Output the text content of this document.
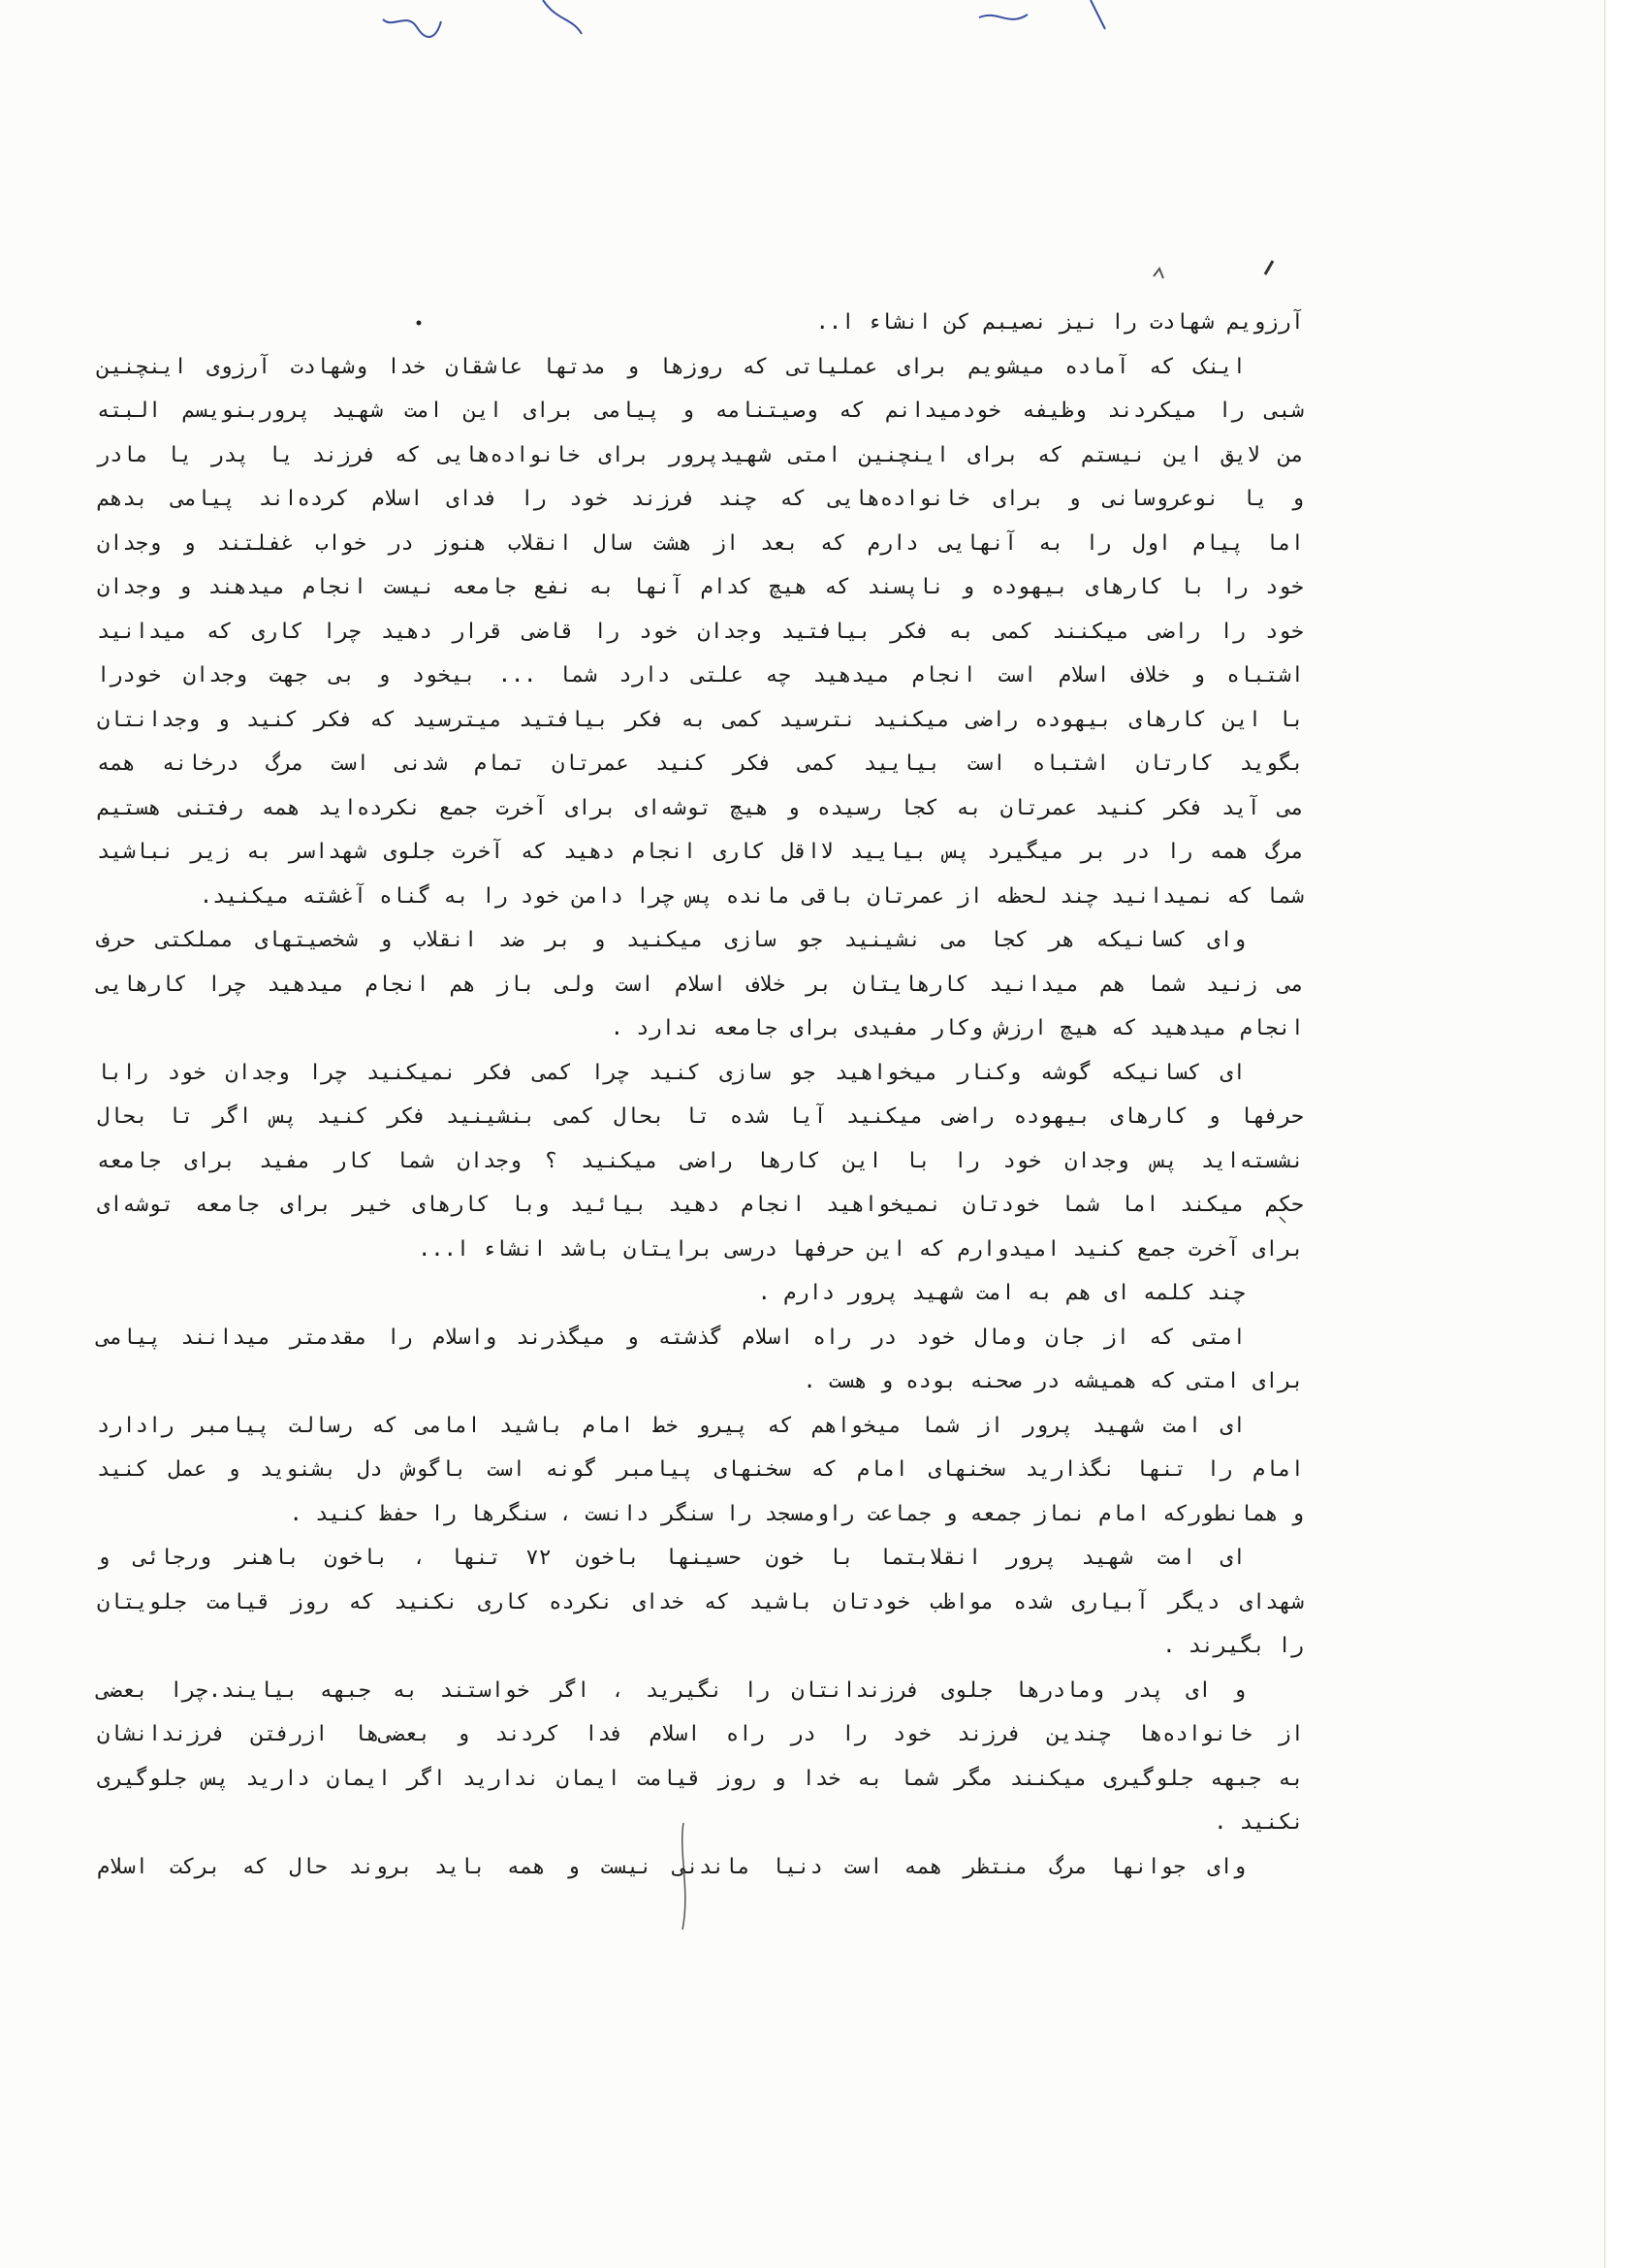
آرزویم شهادت را نیز نصیبم کن انشاء ا..
اینک که آماده میشویم برای عملیاتی که روزها و مدتها عاشقان خدا وشهادت آرزوی اینچنین
شبی را میکردند وظیفه خودمیدانم که وصیتنامه و پیامی برای این امت شهید پروربنویسم البته
من لایق این نیستم که برای اینچنین امتی شهیدپرور برای خانواده‌هایی که فرزند یا پدر یا مادر
و یا نوعروسانی و برای خانواده‌هایی که چند فرزند خود را فدای اسلام کرده‌اند پیامی بدهم
اما پیام اول را به آنهایی دارم که بعد از هشت سال انقلاب هنوز در خواب غفلتند و وجدان
خود را با کارهای بیهوده و ناپسند که هیچ کدام آنها به نفع جامعه نیست انجام میدهند و وجدان
خود را راضی میکنند کمی به فکر بیافتید وجدان خود را قاضی قرار دهید چرا کاری که میدانید
اشتباه و خلاف اسلام است انجام میدهید چه علتی دارد شما ... بیخود و بی جهت وجدان خودرا
با این کارهای بیهوده راضی میکنید نترسید کمی به فکر بیافتید میترسید که فکر کنید و وجدانتان
بگوید کارتان اشتباه است بیایید کمی فکر کنید عمرتان تمام شدنی است مرگ درخانه همه
می آید فکر کنید عمرتان به کجا رسیده و هیچ توشه‌ای برای آخرت جمع نکرده‌اید همه رفتنی هستیم
مرگ همه را در بر میگیرد پس بیایید لااقل کاری انجام دهید که آخرت جلوی شهداسر به زیر نباشید
شما که نمیدانید چند لحظه از عمرتان باقی مانده پس چرا دامن خود را به گناه آغشته میکنید.
وای کسانیکه هر کجا می نشینید جو سازی میکنید و بر ضد انقلاب و شخصیتهای مملکتی حرف
می زنید شما هم میدانید کارهایتان بر خلاف اسلام است ولی باز هم انجام میدهید چرا کارهایی
انجام میدهید که هیچ ارزش وکار مفیدی برای جامعه ندارد .
ای کسانیکه گوشه وکنار میخواهید جو سازی کنید چرا کمی فکر نمیکنید چرا وجدان خود رابا
حرفها و کارهای بیهوده راضی میکنید آیا شده تا بحال کمی بنشینید فکر کنید پس اگر تا بحال
نشسته‌اید پس وجدان خود را با این کارها راضی میکنید ؟ وجدان شما کار مفید برای جامعه
حکم میکند اما شما خودتان نمیخواهید انجام دهید بیائید وبا کارهای خیر برای جامعه توشه‌ای
برای آخرت جمع کنید امیدوارم که این حرفها درسی برایتان باشد انشاء ا...
چند کلمه ای هم به امت شهید پرور دارم .
امتی که از جان ومال خود در راه اسلام گذشته و میگذرند واسلام را مقدمتر میدانند پیامی
برای امتی که همیشه در صحنه بوده و هست .
ای امت شهید پرور از شما میخواهم که پیرو خط امام باشید امامی که رسالت پیامبر رادارد
امام را تنها نگذارید سخنهای امام که سخنهای پیامبر گونه است باگوش دل بشنوید و عمل کنید
و همانطورکه امام نماز جمعه و جماعت راومسجد را سنگر دانست ، سنگرها را حفظ کنید .
ای امت شهید پرور انقلابتما با خون حسینها باخون ۷۲ تنها ، باخون باهنر ورجائی و
شهدای دیگر آبیاری شده مواظب خودتان باشید که خدای نکرده کاری نکنید که روز قیامت جلویتان
را بگیرند .
و ای پدر ومادرها جلوی فرزندانتان را نگیرید ، اگر خواستند به جبهه بیایند.چرا بعضی
از خانواده‌ها چندین فرزند خود را در راه اسلام فدا کردند و بعضی‌ها ازرفتن فرزندانشان
به جبهه جلوگیری میکنند مگر شما به خدا و روز قیامت ایمان ندارید اگر ایمان دارید پس جلوگیری
نکنید .
وای جوانها مرگ منتظر همه است دنیا ماندنی نیست و همه باید بروند حال که برکت اسلام
